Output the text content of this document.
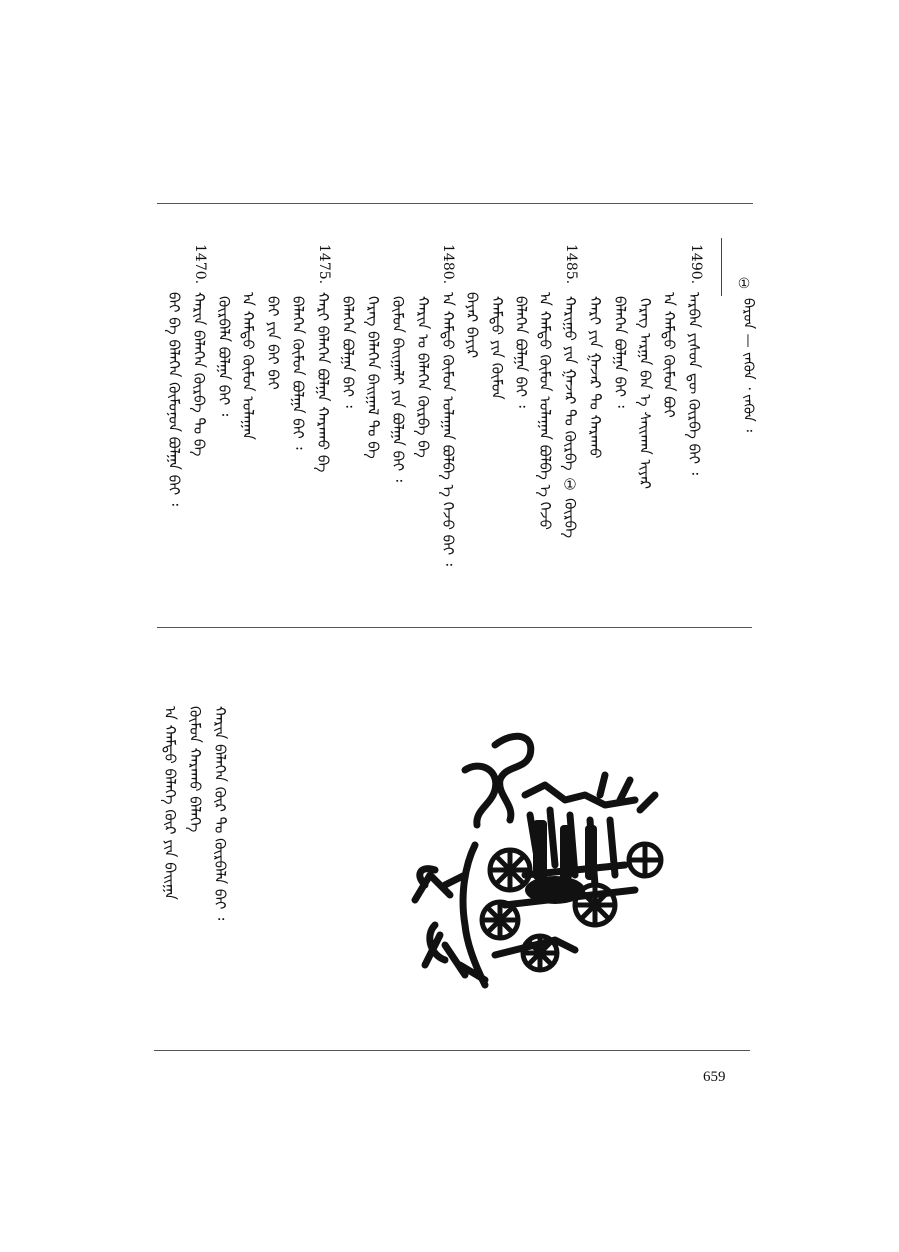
①
ᠪᠠᠷᠤᠨ — ᠵᠡᠭᠦᠨ ᠂ ᠵᠡᠭᠦᠨ ᠄
1490.
1485.
1480.
1475.
1470.
ᠠᠷᠪᠠᠨ ᠶᠢᠰᠦᠨ ᠳᠦ ᠬᠦᠷᠪᠡ ᠪᠠᠢ ᠄
ᠠ ᠬᠠᠮᠲᠤ ᠬᠦᠮᠦᠨ ᠪᠤᠢ
ᠬᠡᠷᠡᠭ ᠠᠷᠭᠠ ᠪᠠᠨ ᠡ ᠰᠠᠢᠬᠠᠨ ᠢᠶᠡᠷ
ᠪᠡᠯᠡᠭᠡᠨ ᠪᠣᠯᠭᠠ ᠪᠠᠢ ᠄
ᠬᠠᠷᠢ ᠶᠢᠨ ᠭᠠᠵᠠᠷ ᠲᠤ ᠬᠠᠷᠠᠬᠤ
ᠬᠠᠷᠢᠭᠤ ᠶᠢᠨ ᠭᠠᠵᠠᠷ ᠲᠤ ᠬᠦᠷᠪᠡ ① ᠬᠦᠷᠪᠡ
ᠠ ᠬᠠᠮᠲᠤ ᠬᠦᠮᠦᠨ ᠤᠯᠠᠭᠠᠨ ᠪᠣᠯᠪᠠ ᠡ ᠭᠡᠵᠦ
ᠪᠡᠯᠡᠭᠡᠨ ᠪᠣᠯᠭᠠ ᠪᠠᠢ ᠄
ᠬᠠᠮᠲᠤ ᠶᠢᠨ ᠬᠦᠮᠦᠨ
ᠪᠠᠶᠠᠷ ᠪᠠᠶᠢᠷ
ᠠ ᠬᠠᠮᠲᠤ ᠬᠦᠮᠦᠨ ᠤᠯᠠᠭᠠᠨ ᠪᠣᠯᠪᠠ ᠡ ᠭᠡᠵᠦ ᠪᠠᠢ ᠄
ᠬᠠᠷᠢᠨ ᠤ ᠪᠡᠯᠡᠭᠡᠨ ᠬᠦᠷᠪᠡ ᠪᠠ
ᠬᠦᠮᠦᠨ ᠪᠠᠢᠭᠠᠯᠢ ᠶᠢᠨ ᠪᠣᠯᠭᠠ ᠪᠠᠢ ᠄
ᠬᠡᠷᠡᠭ ᠪᠡᠯᠡᠭᠡᠨ ᠪᠠᠢᠭᠠᠯ ᠲᠤ ᠪᠠ
ᠪᠡᠯᠡᠭᠡᠨ ᠪᠣᠯᠭᠠ ᠪᠠᠢ ᠄
ᠬᠠᠷᠢ ᠪᠡᠯᠡᠭᠡᠨ ᠪᠣᠯᠭᠠ ᠬᠠᠷᠠᠬᠤ ᠪᠠ
ᠪᠡᠯᠡᠭᠡᠨ ᠬᠦᠮᠦᠨ ᠪᠣᠯᠭᠠ ᠪᠠᠢ ᠄
ᠪᠠᠢ ᠶᠢᠨ ᠪᠠᠢ ᠪᠠᠢ
ᠠ ᠬᠠᠮᠲᠤ ᠬᠦᠮᠦᠨ ᠤᠯᠠᠭᠠᠨ
ᠬᠦᠷᠪᠡᠯᠡ ᠪᠣᠯᠭᠠ ᠪᠠᠢ ᠄
ᠬᠠᠷᠢᠨ ᠪᠡᠯᠡᠭᠡᠨ ᠬᠦᠷᠪᠡ ᠲᠤ ᠪᠠ
ᠪᠠᠢ ᠪᠠ ᠪᠡᠯᠡᠭᠡᠨ ᠬᠦᠮᠦᠨᠦᠨ ᠪᠣᠯᠭᠠ ᠪᠠᠢ ᠄
ᠬᠠᠷᠢᠨ ᠪᠡᠯᠡᠭᠡᠨ ᠬᠦᠷ ᠲᠤ ᠬᠦᠷᠪᠡᠯᠡ ᠪᠠᠢ ᠄
ᠬᠦᠮᠦᠨ ᠬᠠᠷᠠᠬᠤ ᠪᠡᠯᠡᠭᠡ
ᠠ ᠬᠠᠮᠲᠤ ᠪᠡᠯᠡᠭᠡ ᠬᠦᠷ ᠶᠢᠨ ᠪᠠᠢᠭᠠ
659
